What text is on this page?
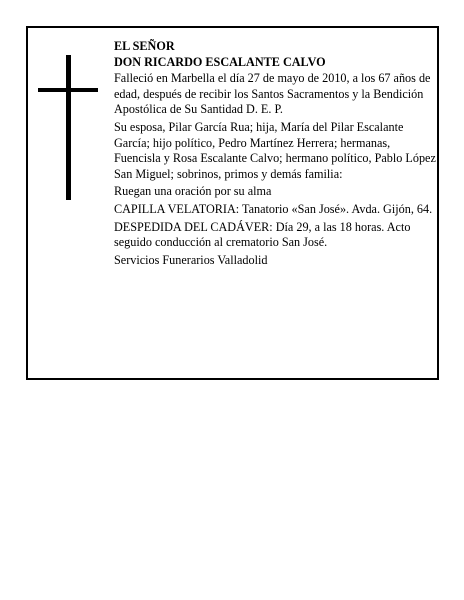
EL SEÑOR

DON RICARDO ESCALANTE CALVO

Falleció en Marbella el día 27 de mayo de 2010, a los 67 años de edad, después de recibir los Santos Sacramentos y la Bendición Apostólica de Su Santidad D. E. P.

Su esposa, Pilar García Rua; hija, María del Pilar Escalante García; hijo político, Pedro Martínez Herrera; hermanas, Fuencisla y Rosa Escalante Calvo; hermano político, Pablo López San Miguel; sobrinos, primos y demás familia:

Ruegan una oración por su alma

CAPILLA VELATORIA: Tanatorio «San José». Avda. Gijón, 64.

DESPEDIDA DEL CADÁVER: Día 29, a las 18 horas. Acto seguido conducción al crematorio San José.

Servicios Funerarios Valladolid
